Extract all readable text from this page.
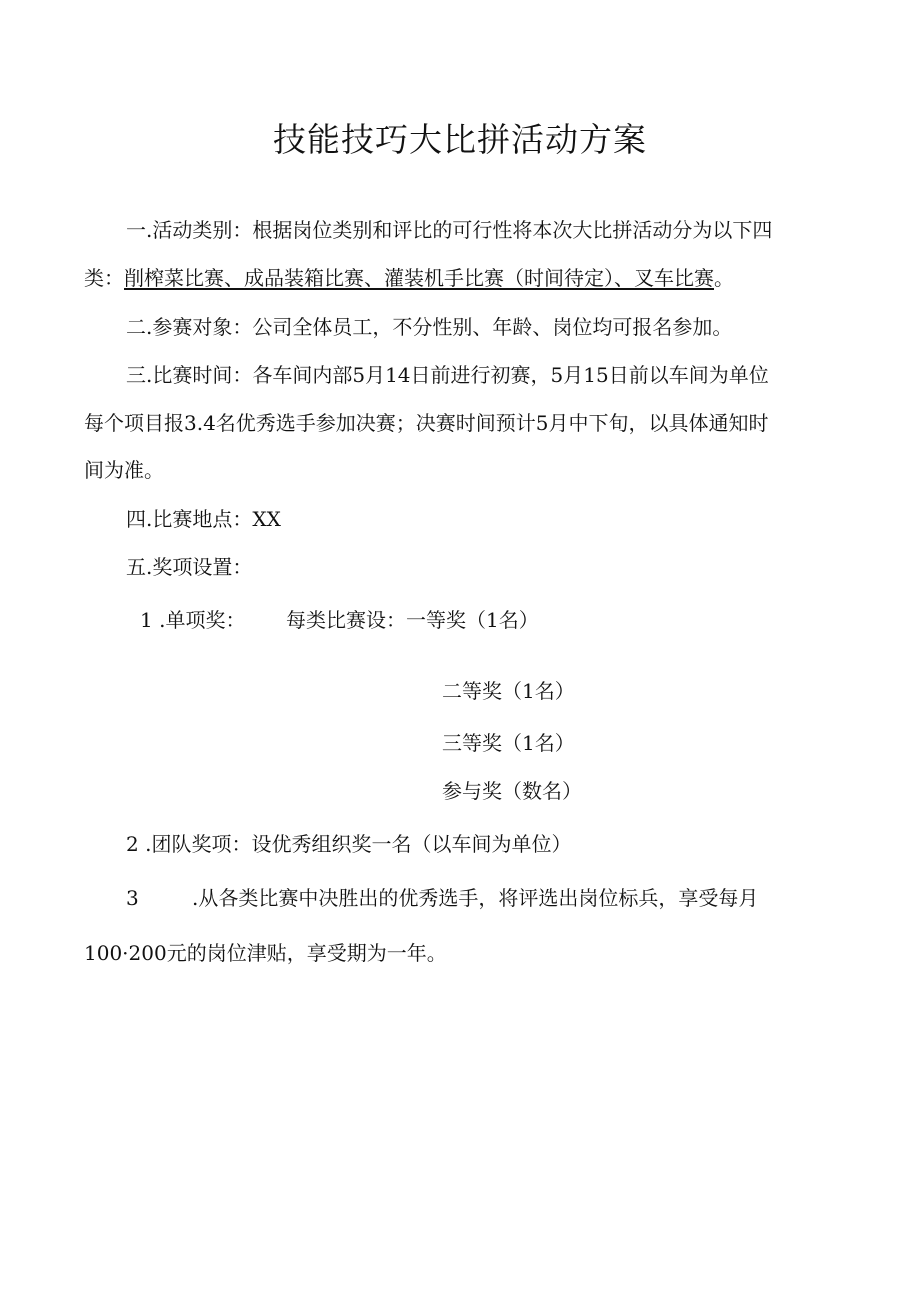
技能技巧大比拼活动方案
一.活动类别：根据岗位类别和评比的可行性将本次大比拼活动分为以下四
类：削榨菜比赛、成品装箱比赛、灌装机手比赛（时间待定）、叉车比赛。
二.参赛对象：公司全体员工，不分性别、年龄、岗位均可报名参加。
三.比赛时间：各车间内部5月14日前进行初赛，5月15日前以车间为单位
每个项目报3.4名优秀选手参加决赛；决赛时间预计5月中下旬，以具体通知时
间为准。
四.比赛地点：XX
五.奖项设置：
1 .单项奖： 每类比赛设：一等奖（1名）
二等奖（1名）
三等奖（1名）
参与奖（数名）
2 .团队奖项：设优秀组织奖一名（以车间为单位）
3	.从各类比赛中决胜出的优秀选手，将评选出岗位标兵，享受每月
100·200元的岗位津贴，享受期为一年。
